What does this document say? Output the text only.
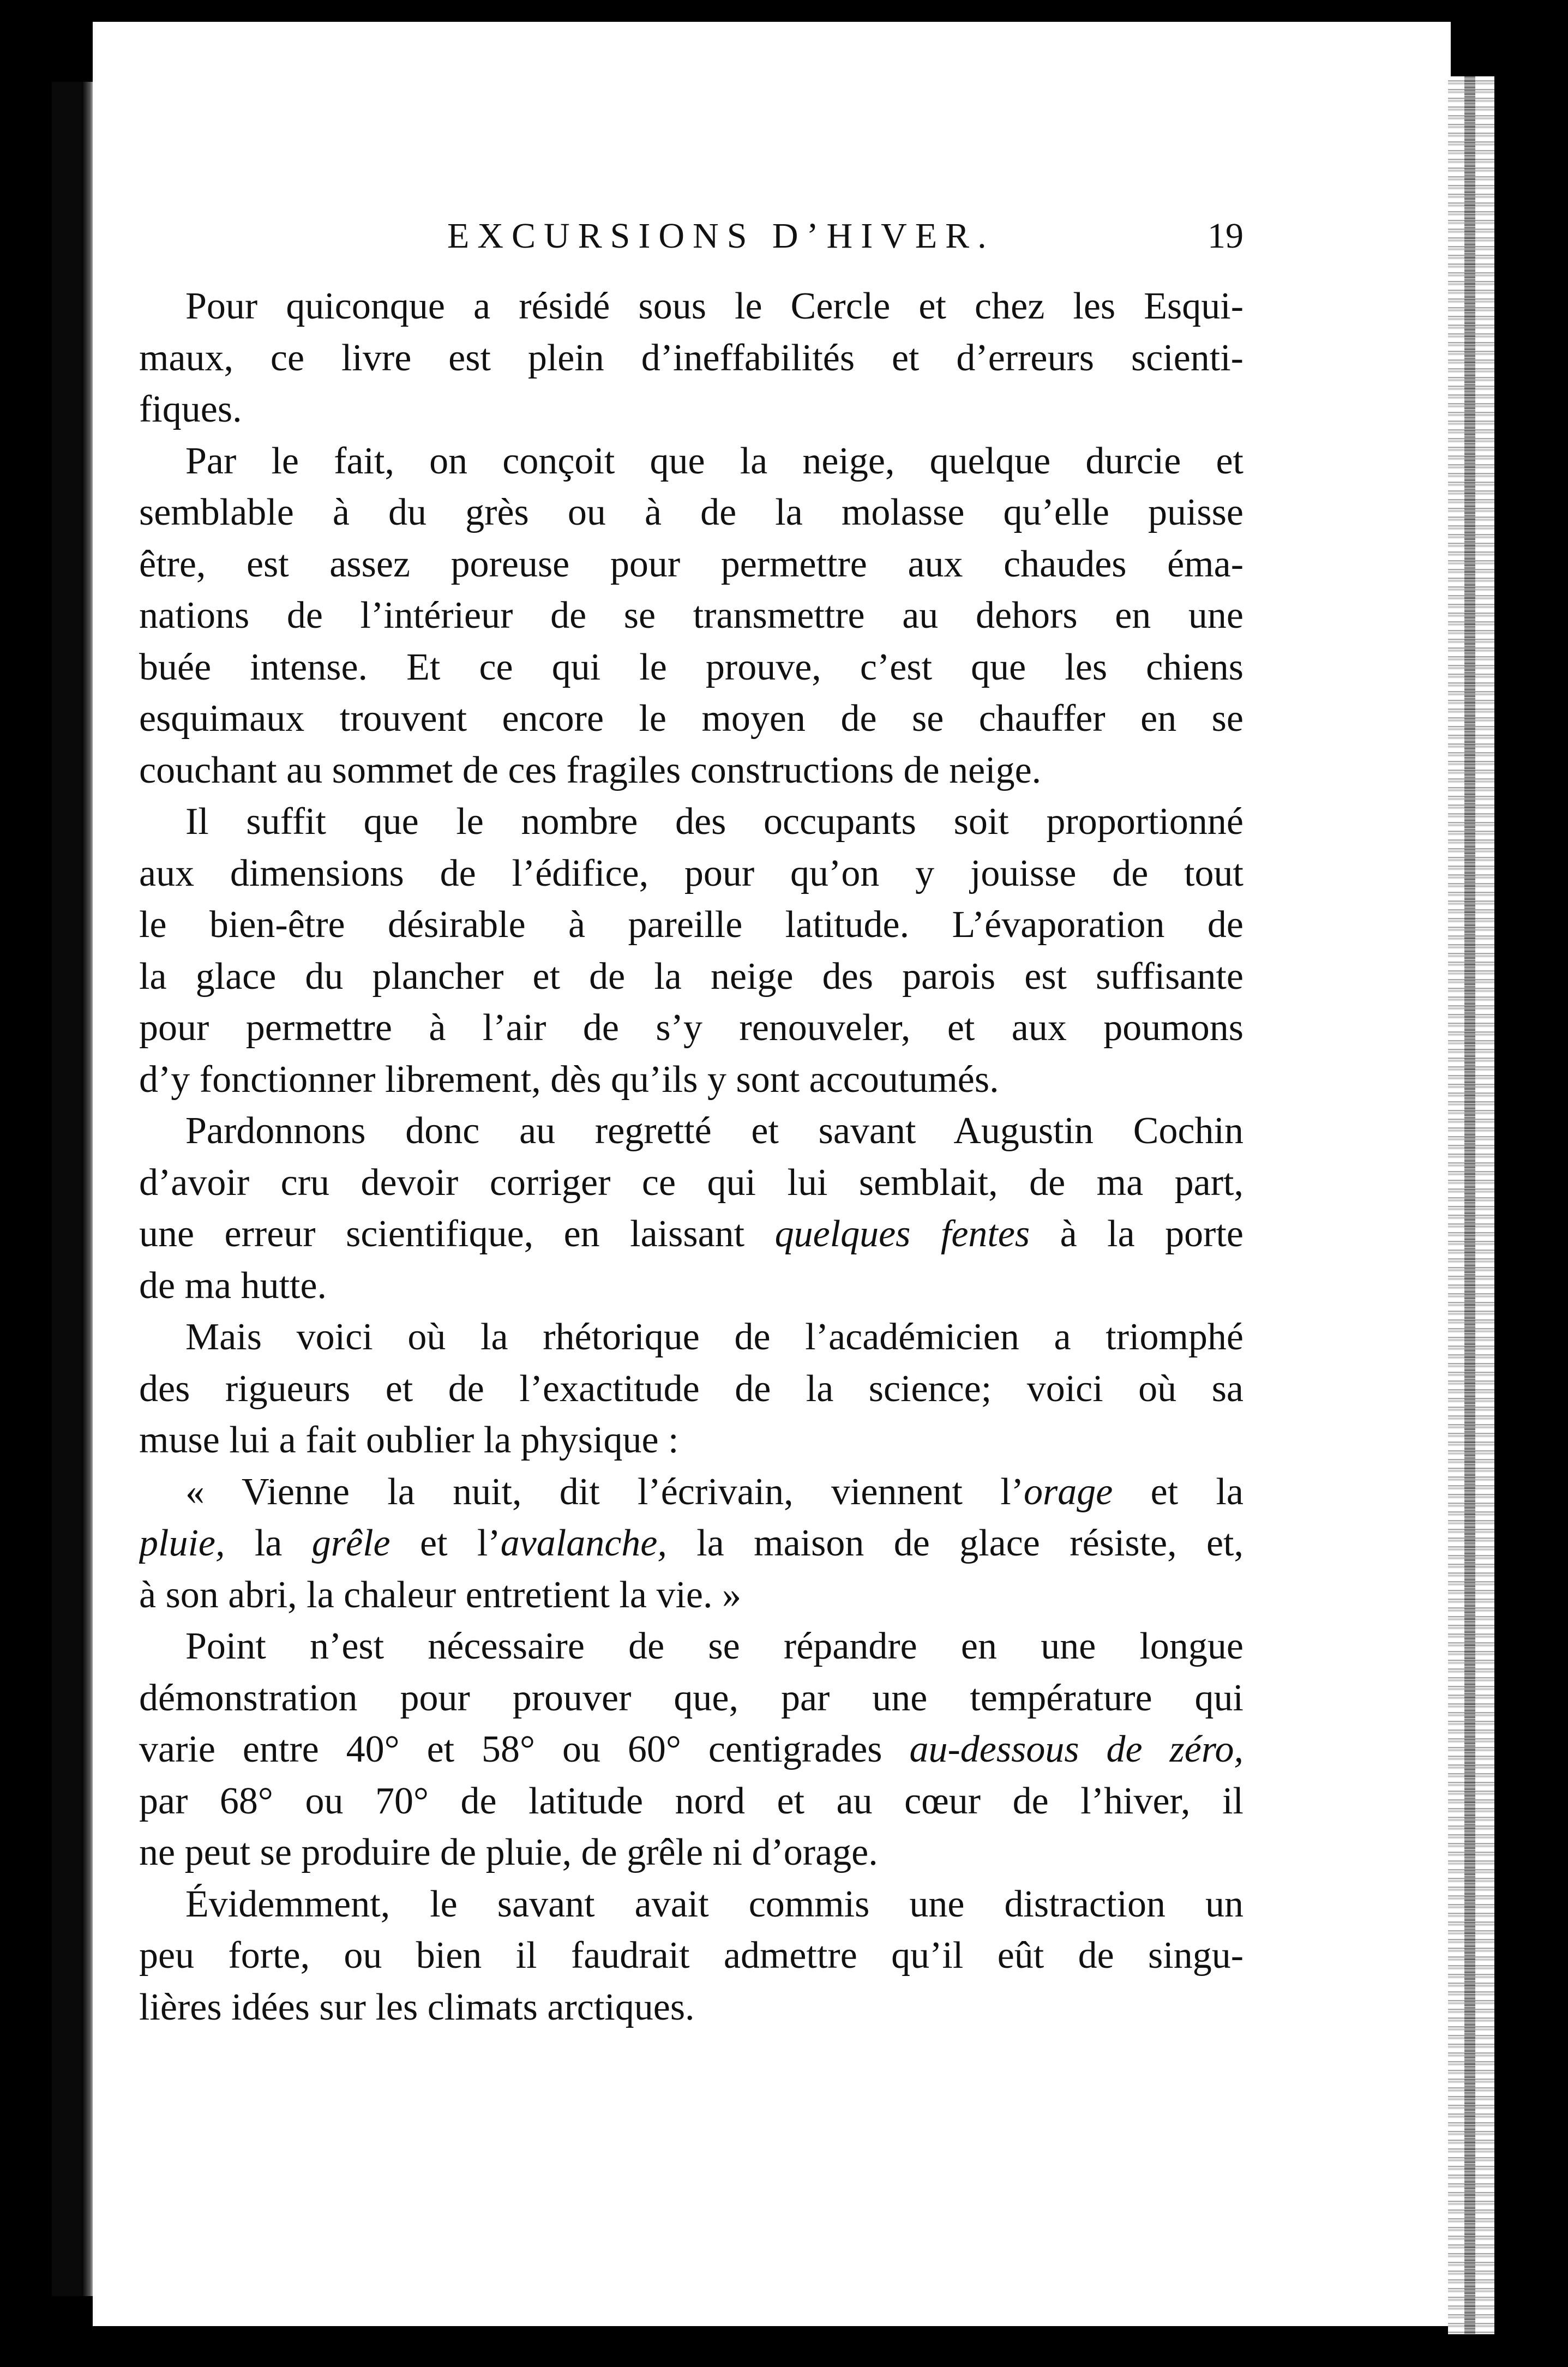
EXCURSIONS D’HIVER.	19
Pour quiconque a résidé sous le Cercle et chez les Esqui-
maux, ce livre est plein d’ineffabilités et d’erreurs scienti-
fiques.
Par le fait, on conçoit que la neige, quelque durcie et
semblable à du grès ou à de la molasse qu’elle puisse
être, est assez poreuse pour permettre aux chaudes éma-
nations de l’intérieur de se transmettre au dehors en une
buée intense. Et ce qui le prouve, c’est que les chiens
esquimaux trouvent encore le moyen de se chauffer en se
couchant au sommet de ces fragiles constructions de neige.
Il suffit que le nombre des occupants soit proportionné
aux dimensions de l’édifice, pour qu’on y jouisse de tout
le bien-être désirable à pareille latitude. L’évaporation de
la glace du plancher et de la neige des parois est suffisante
pour permettre à l’air de s’y renouveler, et aux poumons
d’y fonctionner librement, dès qu’ils y sont accoutumés.
Pardonnons donc au regretté et savant Augustin Cochin
d’avoir cru devoir corriger ce qui lui semblait, de ma part,
une erreur scientifique, en laissant quelques fentes à la porte
de ma hutte.
Mais voici où la rhétorique de l’académicien a triomphé
des rigueurs et de l’exactitude de la science; voici où sa
muse lui a fait oublier la physique :
« Vienne la nuit, dit l’écrivain, viennent l’orage et la
pluie, la grêle et l’avalanche, la maison de glace résiste, et,
à son abri, la chaleur entretient la vie. »
Point n’est nécessaire de se répandre en une longue
démonstration pour prouver que, par une température qui
varie entre 40° et 58° ou 60° centigrades au-dessous de zéro,
par 68° ou 70° de latitude nord et au cœur de l’hiver, il
ne peut se produire de pluie, de grêle ni d’orage.
Évidemment, le savant avait commis une distraction un
peu forte, ou bien il faudrait admettre qu’il eût de singu-
lières idées sur les climats arctiques.
